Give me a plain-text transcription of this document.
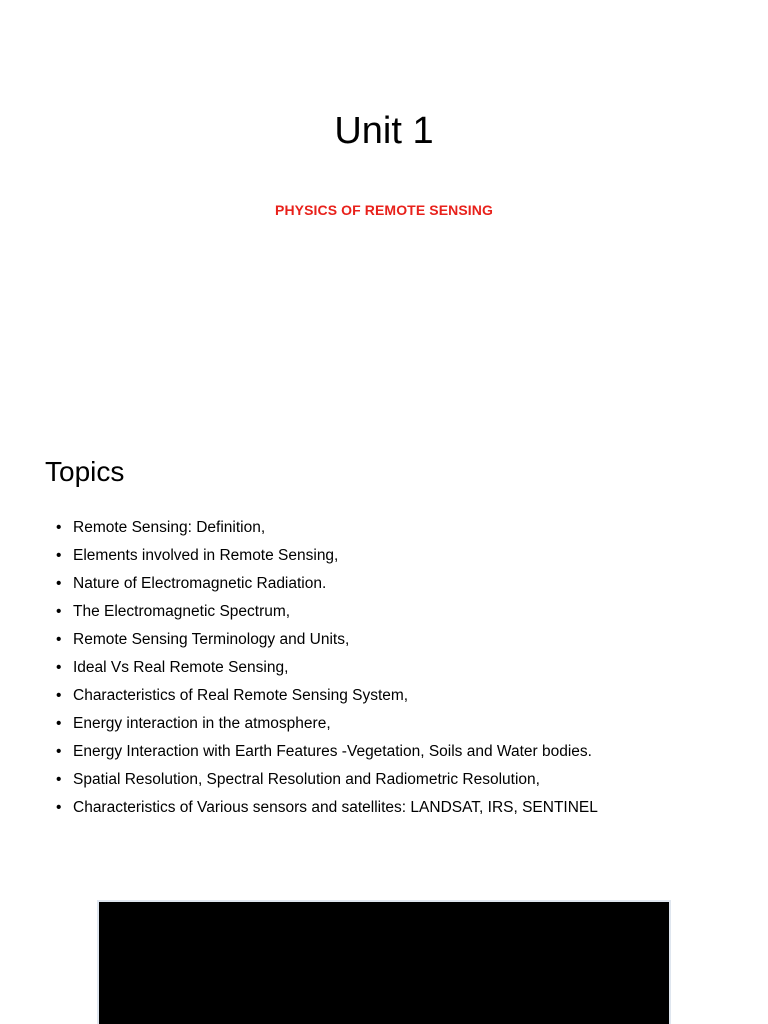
Unit 1
PHYSICS OF REMOTE SENSING
Topics
• Remote Sensing: Definition,
• Elements involved in Remote Sensing,
• Nature of Electromagnetic Radiation.
• The Electromagnetic Spectrum,
• Remote Sensing Terminology and Units,
• Ideal Vs Real Remote Sensing,
• Characteristics of Real Remote Sensing System,
• Energy interaction in the atmosphere,
• Energy Interaction with Earth Features -Vegetation, Soils and Water bodies.
• Spatial Resolution, Spectral Resolution and Radiometric Resolution,
• Characteristics of Various sensors and satellites: LANDSAT, IRS, SENTINEL
